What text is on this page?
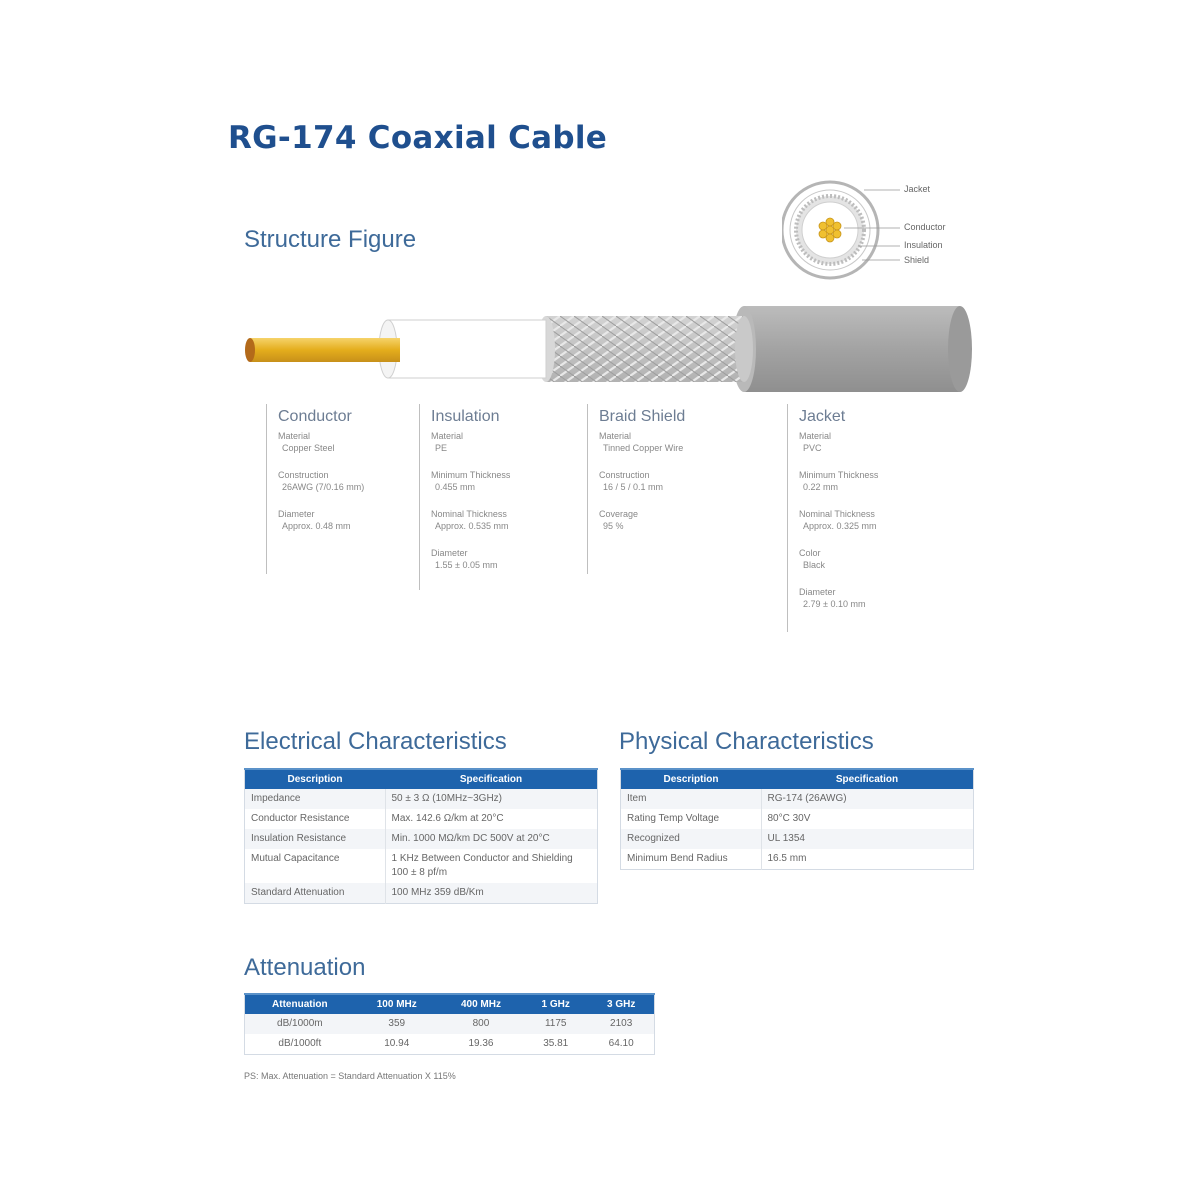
RG-174 Coaxial Cable
Structure Figure
Jacket
Conductor
Insulation
Shield
Conductor
Material
Copper Steel
Construction
26AWG (7/0.16 mm)
Diameter
Approx. 0.48 mm
Insulation
Material
PE
Minimum Thickness
0.455 mm
Nominal Thickness
Approx. 0.535 mm
Diameter
1.55 ± 0.05 mm
Braid Shield
Material
Tinned Copper Wire
Construction
16 / 5 / 0.1 mm
Coverage
95 %
Jacket
Material
PVC
Minimum Thickness
0.22 mm
Nominal Thickness
Approx. 0.325 mm
Color
Black
Diameter
2.79 ± 0.10 mm
Electrical Characteristics
Description	Specification
Impedance	50 ± 3 Ω (10MHz~3GHz)
Conductor Resistance	Max. 142.6 Ω/km at 20°C
Insulation Resistance	Min. 1000 MΩ/km DC 500V at 20°C
Mutual Capacitance	1 KHz Between Conductor and Shielding
100 ± 8 pf/m

Standard Attenuation	100 MHz 359 dB/Km
Physical Characteristics
Description	Specification
Item	RG-174 (26AWG)
Rating Temp Voltage	80°C 30V
Recognized	UL 1354
Minimum Bend Radius	16.5 mm
Attenuation
Attenuation	100 MHz	400 MHz	1 GHz	3 GHz
dB/1000m	359	800	1175	2103
dB/1000ft	10.94	19.36	35.81	64.10
PS: Max. Attenuation = Standard Attenuation X 115%
